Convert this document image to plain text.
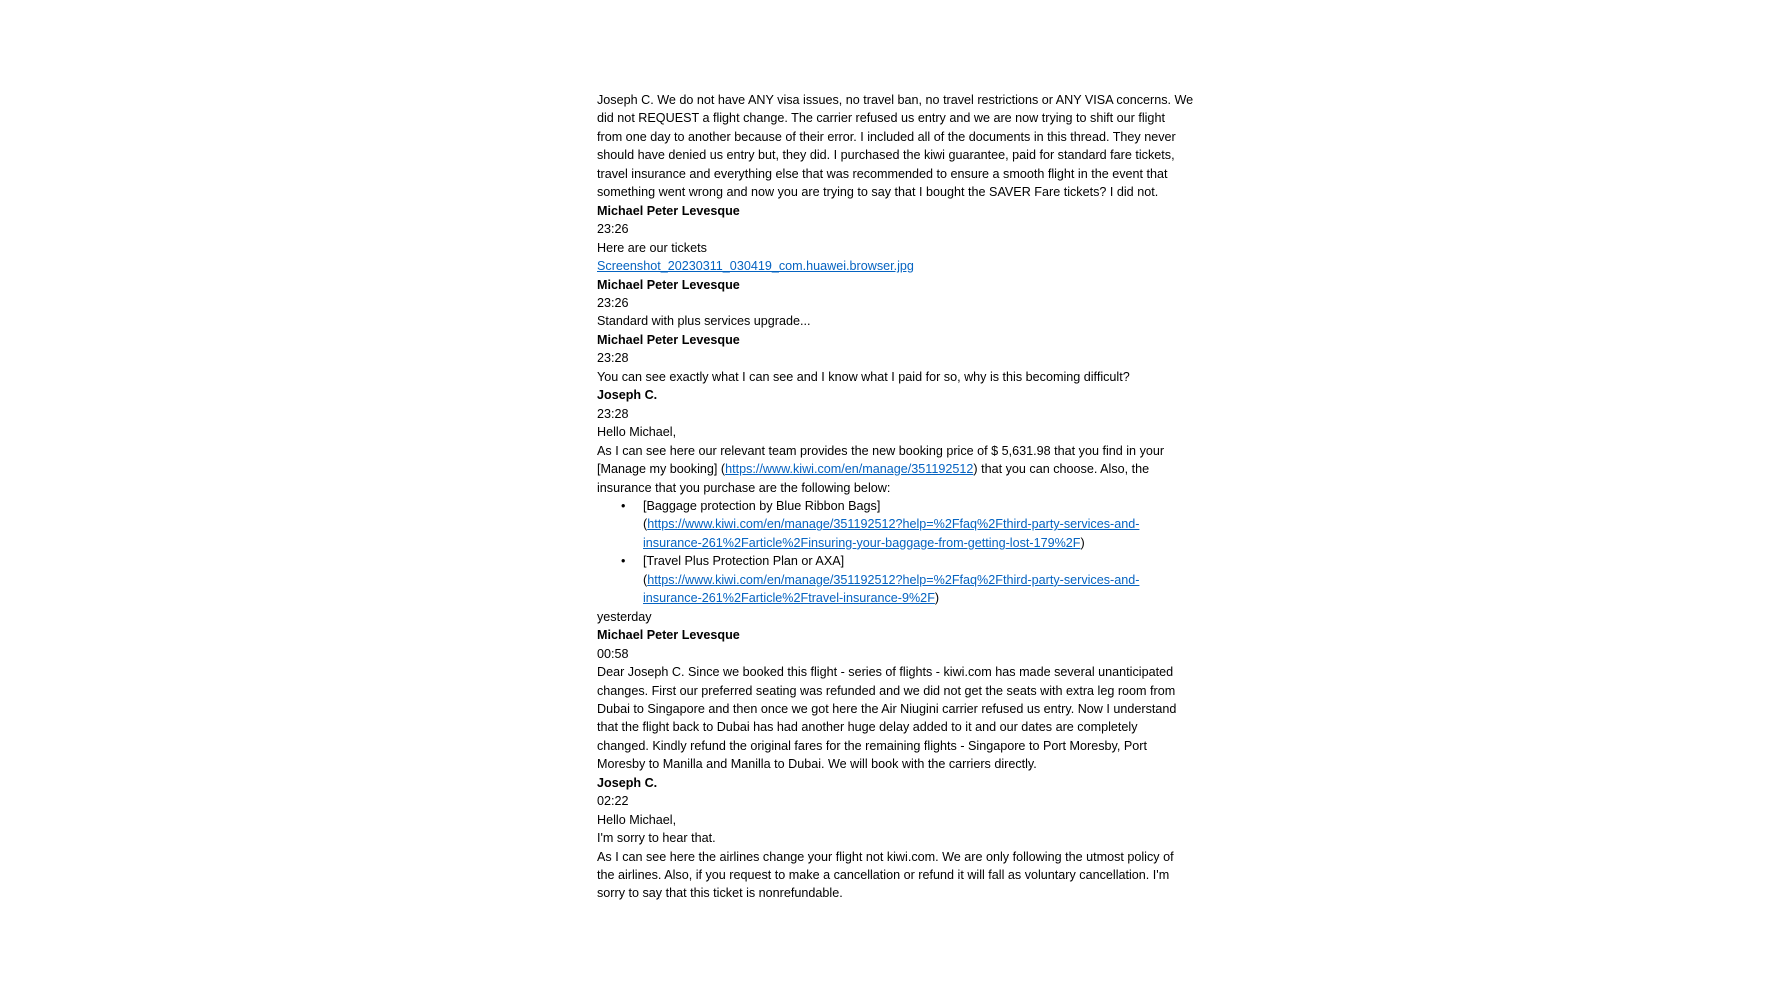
Joseph C. We do not have ANY visa issues, no travel ban, no travel restrictions or ANY VISA concerns. We
did not REQUEST a flight change. The carrier refused us entry and we are now trying to shift our flight
from one day to another because of their error. I included all of the documents in this thread. They never
should have denied us entry but, they did. I purchased the kiwi guarantee, paid for standard fare tickets,
travel insurance and everything else that was recommended to ensure a smooth flight in the event that
something went wrong and now you are trying to say that I bought the SAVER Fare tickets? I did not.
Michael Peter Levesque
23:26
Here are our tickets
Screenshot_20230311_030419_com.huawei.browser.jpg
Michael Peter Levesque
23:26
Standard with plus services upgrade...
Michael Peter Levesque
23:28
You can see exactly what I can see and I know what I paid for so, why is this becoming difficult?
Joseph C.
23:28
Hello Michael,
As I can see here our relevant team provides the new booking price of $ 5,631.98 that you find in your
[Manage my booking] (https://www.kiwi.com/en/manage/351192512) that you can choose. Also, the
insurance that you purchase are the following below:
• [Baggage protection by Blue Ribbon Bags]
(https://www.kiwi.com/en/manage/351192512?help=%2Ffaq%2Fthird-party-services-and-
insurance-261%2Farticle%2Finsuring-your-baggage-from-getting-lost-179%2F)
• [Travel Plus Protection Plan or AXA]
(https://www.kiwi.com/en/manage/351192512?help=%2Ffaq%2Fthird-party-services-and-
insurance-261%2Farticle%2Ftravel-insurance-9%2F)
yesterday
Michael Peter Levesque
00:58
Dear Joseph C. Since we booked this flight - series of flights - kiwi.com has made several unanticipated
changes. First our preferred seating was refunded and we did not get the seats with extra leg room from
Dubai to Singapore and then once we got here the Air Niugini carrier refused us entry. Now I understand
that the flight back to Dubai has had another huge delay added to it and our dates are completely
changed. Kindly refund the original fares for the remaining flights - Singapore to Port Moresby, Port
Moresby to Manilla and Manilla to Dubai. We will book with the carriers directly.
Joseph C.
02:22
Hello Michael,
I'm sorry to hear that.
As I can see here the airlines change your flight not kiwi.com. We are only following the utmost policy of
the airlines. Also, if you request to make a cancellation or refund it will fall as voluntary cancellation. I'm
sorry to say that this ticket is nonrefundable.
